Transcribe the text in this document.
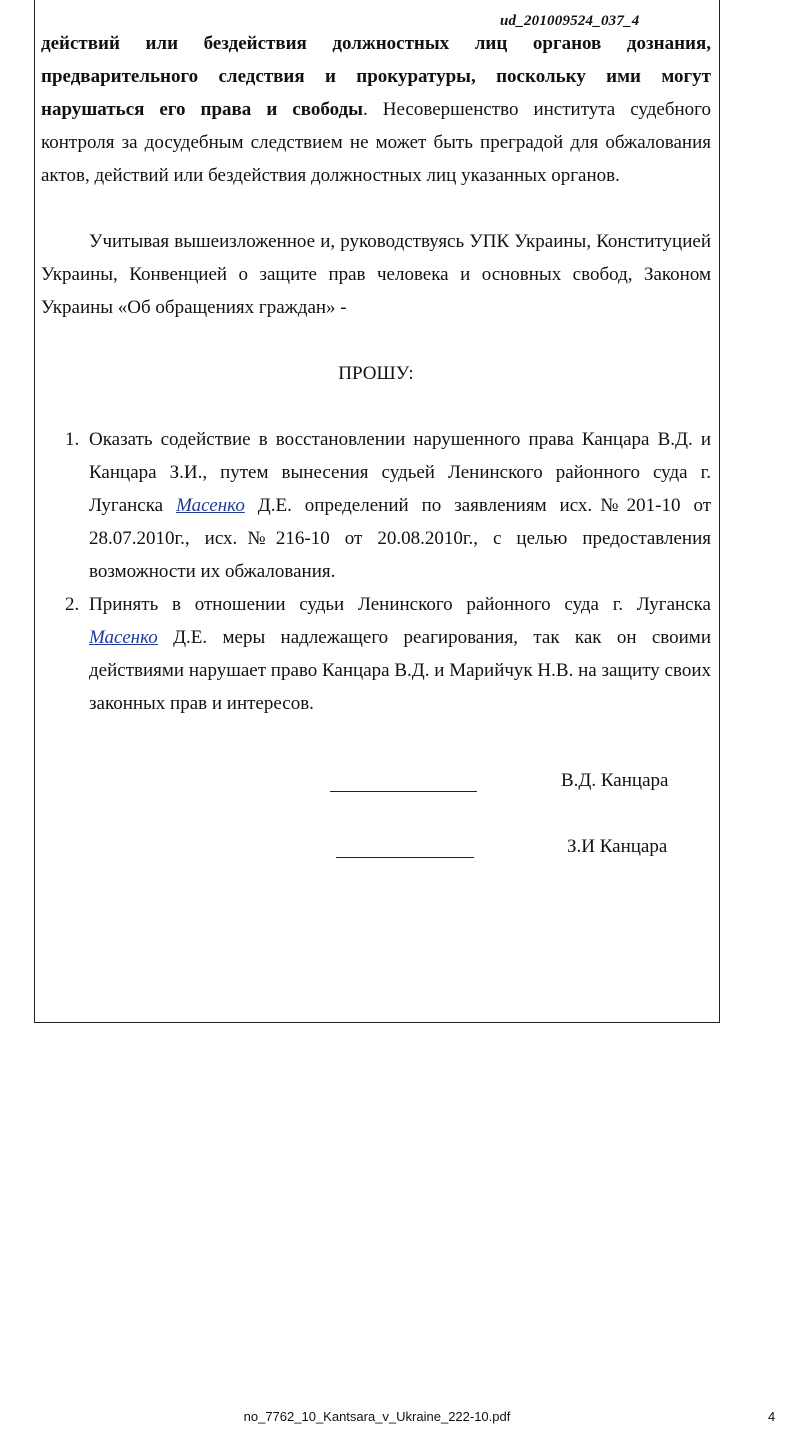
ud_201009524_037_4

действий или бездействия должностных лиц органов дознания, предварительного следствия и прокуратуры, поскольку ими могут нарушаться его права и свободы. Несовершенство института судебного контроля за досудебным следствием не может быть преградой для обжалования актов, действий или бездействия должностных лиц указанных органов.

Учитывая вышеизложенное и, руководствуясь УПК Украины, Конституцией Украины, Конвенцией о защите прав человека и основных свобод, Законом Украины «Об обращениях граждан» -

ПРОШУ:
1. Оказать содействие в восстановлении нарушенного права Канцара В.Д. и Канцара З.И., путем вынесения судьей Ленинского районного суда г. Луганска Масенко Д.Е. определений по заявлениям исх.№201-10 от 28.07.2010г., исх.№216-10 от 20.08.2010г., с целью предоставления возможности их обжалования.
2. Принять в отношении судьи Ленинского районного суда г. Луганска Масенко Д.Е. меры надлежащего реагирования, так как он своими действиями нарушает право Канцара В.Д. и Марийчук Н.В. на защиту своих законных прав и интересов.
В.Д. Канцара
З.И Канцара
no_7762_10_Kantsara_v_Ukraine_222-10.pdf	4
